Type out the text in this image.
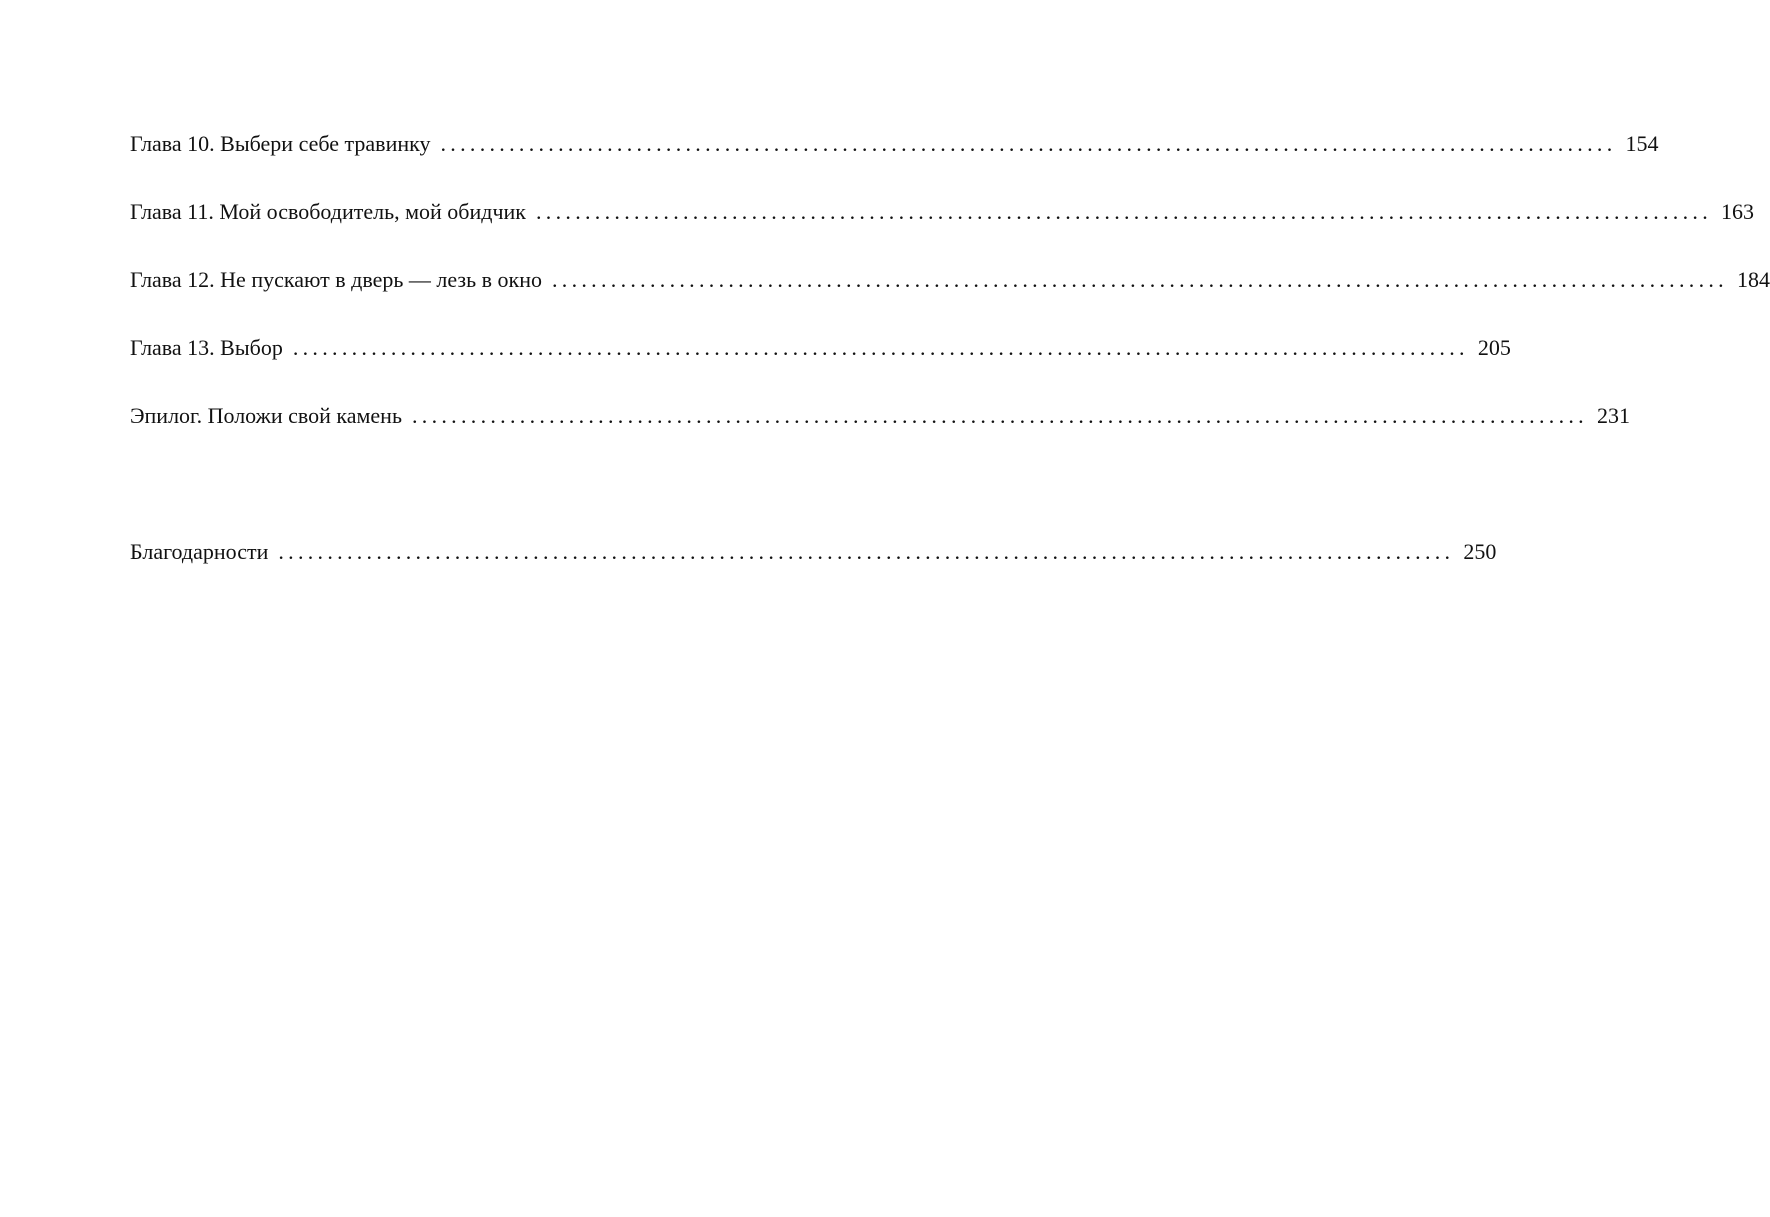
Глава 10. Выбери себе травинку ........................................................................................................................ 154
Глава 11. Мой освободитель, мой обидчик ........................................................................................................................ 163
Глава 12. Не пускают в дверь — лезь в окно ........................................................................................................................ 184
Глава 13. Выбор ........................................................................................................................ 205
Эпилог. Положи свой камень ........................................................................................................................ 231
Благодарности ........................................................................................................................ 250
